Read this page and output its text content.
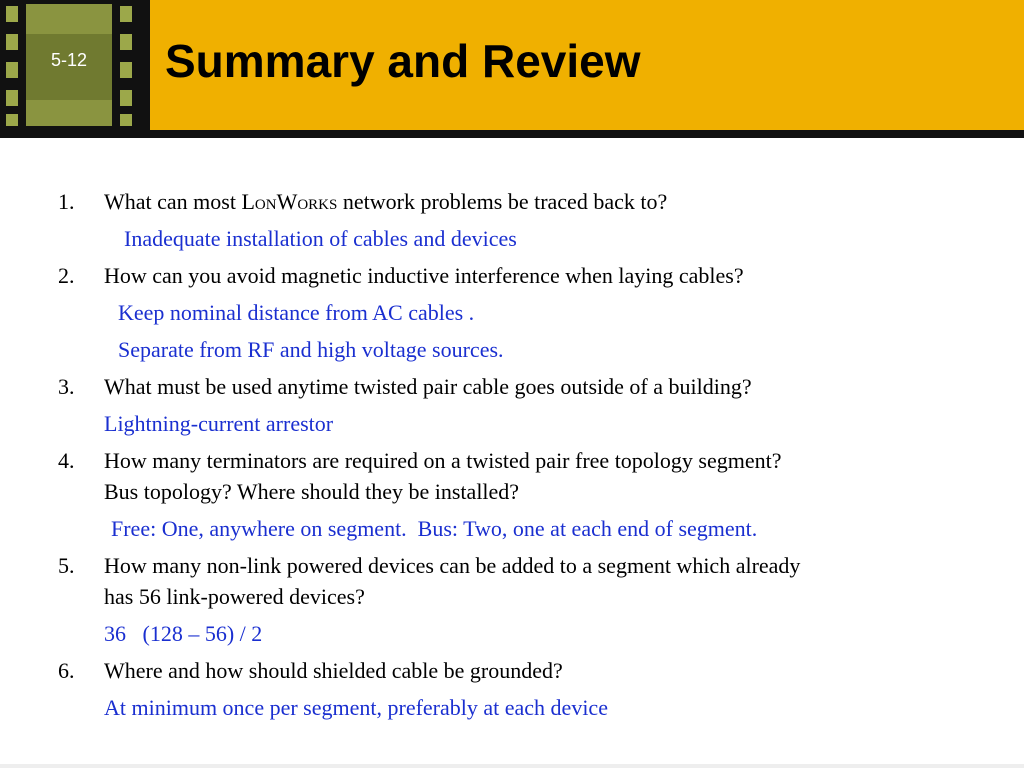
5-12	Summary and Review
1. What can most LonWorks network problems be traced back to?
Inadequate installation of cables and devices
2. How can you avoid magnetic inductive interference when laying cables?
Keep nominal distance from AC cables .
Separate from RF and high voltage sources.
3. What must be used anytime twisted pair cable goes outside of a building?
Lightning-current arrestor
4. How many terminators are required on a twisted pair free topology segment?
Bus topology? Where should they be installed?
Free: One, anywhere on segment.  Bus: Two, one at each end of segment.
5. How many non-link powered devices can be added to a segment which already
has 56 link-powered devices?
36   (128 – 56) / 2
6. Where and how should shielded cable be grounded?
At minimum once per segment, preferably at each device
